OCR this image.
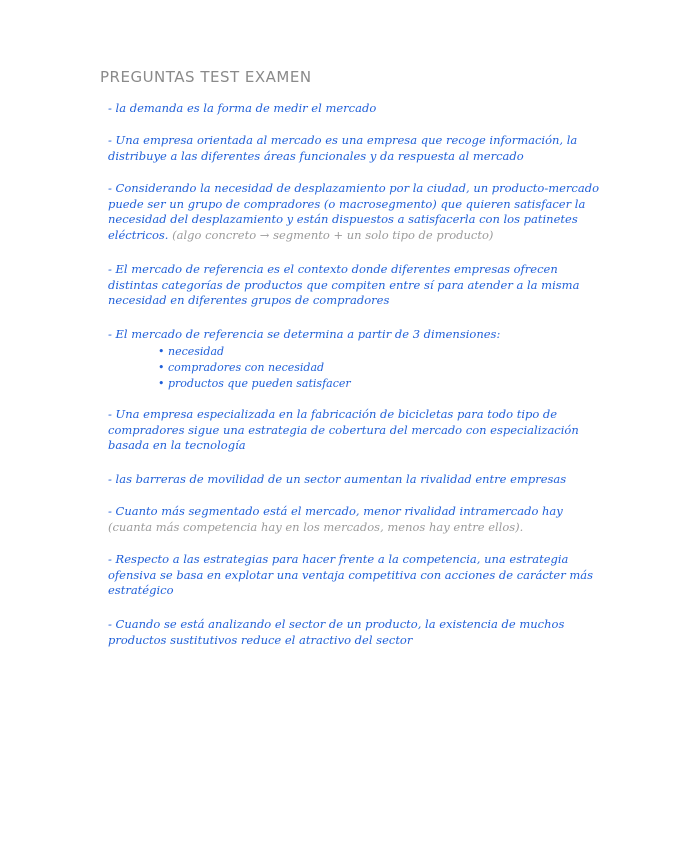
PREGUNTAS TEST EXAMEN
- la demanda es la forma de medir el mercado
- Una empresa orientada al mercado es una empresa que recoge información, la distribuye a las diferentes áreas funcionales y da respuesta al mercado
- Considerando la necesidad de desplazamiento por la ciudad, un producto-mercado puede ser un grupo de compradores (o macrosegmento) que quieren satisfacer la necesidad del desplazamiento y están dispuestos a satisfacerla con los patinetes eléctricos. (algo concreto → segmento + un solo tipo de producto)
- El mercado de referencia es el contexto donde diferentes empresas ofrecen distintas categorías de productos que compiten entre sí para atender a la misma necesidad en diferentes grupos de compradores
- El mercado de referencia se determina a partir de 3 dimensiones:
• necesidad
• compradores con necesidad
• productos que pueden satisfacer
- Una empresa especializada en la fabricación de bicicletas para todo tipo de compradores sigue una estrategia de cobertura del mercado con especialización basada en la tecnología
- las barreras de movilidad de un sector aumentan la rivalidad entre empresas
- Cuanto más segmentado está el mercado, menor rivalidad intramercado hay (cuanta más competencia hay en los mercados, menos hay entre ellos).
- Respecto a las estrategias para hacer frente a la competencia, una estrategia ofensiva se basa en explotar una ventaja competitiva con acciones de carácter más estratégico
- Cuando se está analizando el sector de un producto, la existencia de muchos productos sustitutivos reduce el atractivo del sector
